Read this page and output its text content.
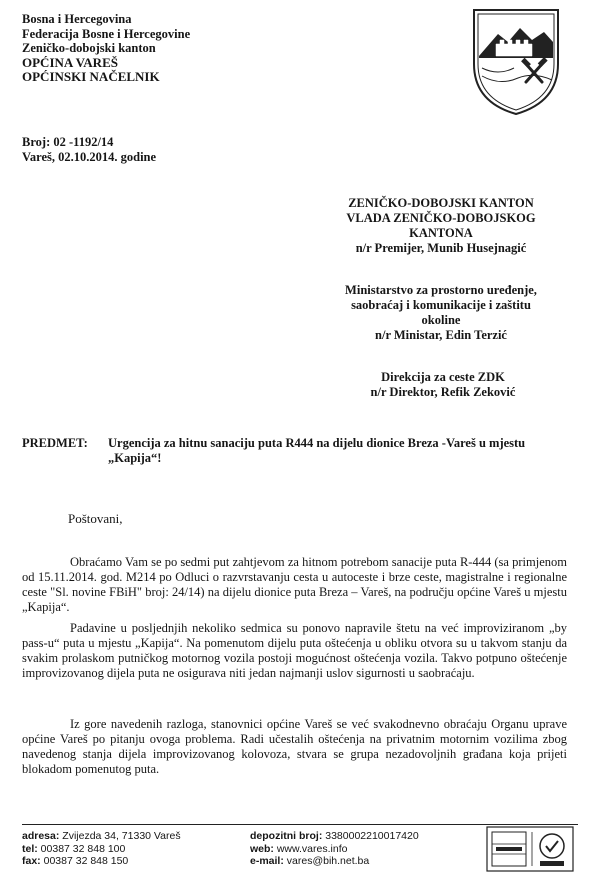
Bosna i Hercegovina
Federacija Bosne i Hercegovine
Zeničko-dobojski kanton
OPĆINA VAREŠ
OPĆINSKI NAČELNIK
Broj: 02 -1192/14
Vareš, 02.10.2014. godine
ZENIČKO-DOBOJSKI KANTON
VLADA ZENIČKO-DOBOJSKOG
KANTONA
n/r Premijer, Munib Husejnagić
Ministarstvo za prostorno uređenje,
saobraćaj i komunikacije i zaštitu
okoline
n/r Ministar, Edin Terzić
Direkcija za ceste ZDK
n/r Direktor, Refik Zeković
PREDMET: Urgencija za hitnu sanaciju puta R444 na dijelu dionice Breza -Vareš u mjestu „Kapija“!
Poštovani,

Obraćamo Vam se po sedmi put zahtjevom za hitnom potrebom sanacije puta R-444 (sa primjenom od 15.11.2014. god. M214 po Odluci o razvrstavanju cesta u autoceste i brze ceste, magistralne i regionalne ceste "Sl. novine FBiH" broj: 24/14) na dijelu dionice puta Breza – Vareš, na području općine Vareš u mjestu „Kapija“.

Padavine u posljednjih nekoliko sedmica su ponovo napravile štetu na već improviziranom „by pass-u“ puta u mjestu „Kapija“. Na pomenutom dijelu puta oštećenja u obliku otvora su u takvom stanju da svakim prolaskom putničkog motornog vozila postoji mogućnost oštećenja vozila. Takvo potpuno oštećenje improvizovanog dijela puta ne osigurava niti jedan najmanji uslov sigurnosti u saobraćaju.

Iz gore navedenih razloga, stanovnici općine Vareš se već svakodnevno obraćaju Organu uprave općine Vareš po pitanju ovoga problema. Radi učestalih oštećenja na privatnim motornim vozilima zbog navedenog stanja dijela improvizovanog kolovoza, stvara se grupa nezadovoljnih građana koja prijeti blokadom pomenutog puta.

adresa: Zvijezda 34, 71330 Vareš
tel: 00387 32 848 100
fax: 00387 32 848 150
depozitni broj: 3380002210017420
web: www.vares.info
e-mail: vares@bih.net.ba
